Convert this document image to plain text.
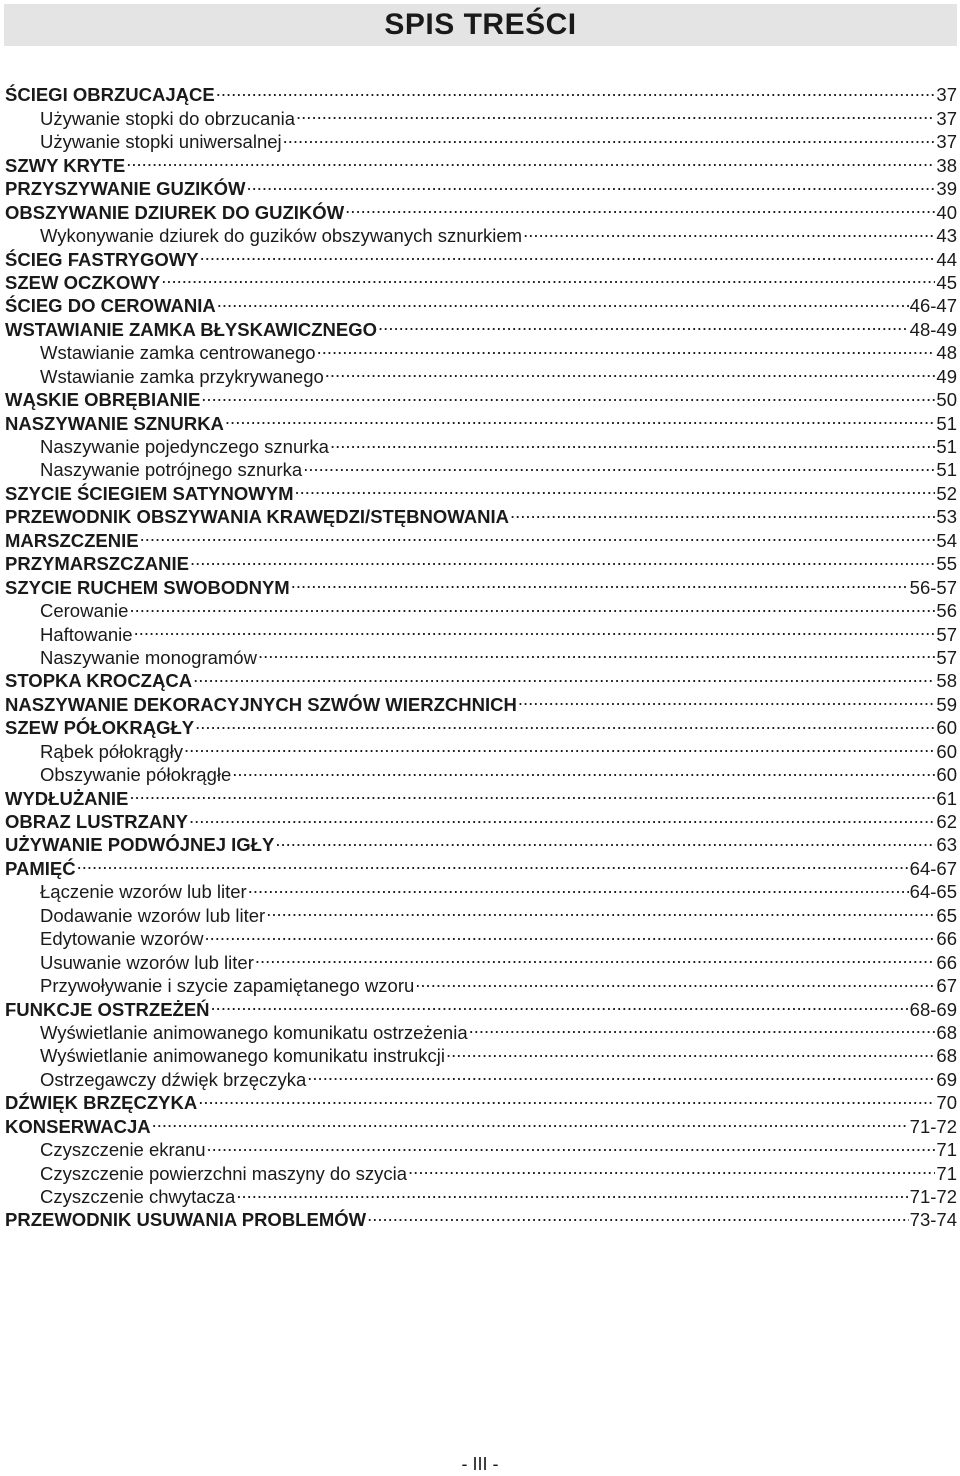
SPIS TREŚCI
ŚCIEGI OBRZUCAJĄCE .....	37
Używanie stopki do obrzucania .....	37
Używanie stopki uniwersalnej .....	37
SZWY KRYTE .....	38
PRZYSZYWANIE GUZIKÓW .....	39
OBSZYWANIE DZIUREK DO GUZIKÓW .....	40
Wykonywanie dziurek do guzików obszywanych sznurkiem .....	43
ŚCIEG FASTRYGOWY .....	44
SZEW OCZKOWY .....	45
ŚCIEG DO CEROWANIA .....	46-47
WSTAWIANIE ZAMKA BŁYSKAWICZNEGO .....	48-49
Wstawianie zamka centrowanego .....	48
Wstawianie zamka przykrywanego .....	49
WĄSKIE OBRĘBIANIE .....	50
NASZYWANIE SZNURKA .....	51
Naszywanie pojedynczego sznurka .....	51
Naszywanie potrójnego sznurka .....	51
SZYCIE ŚCIEGIEM SATYNOWYM .....	52
PRZEWODNIK OBSZYWANIA KRAWĘDZI/STĘBNOWANIA .....	53
MARSZCZENIE .....	54
PRZYMARSZCZANIE .....	55
SZYCIE RUCHEM SWOBODNYM .....	56-57
Cerowanie .....	56
Haftowanie .....	57
Naszywanie monogramów .....	57
STOPKA KROCZĄCA .....	58
NASZYWANIE DEKORACYJNYCH SZWÓW WIERZCHNICH .....	59
SZEW PÓŁOKRĄGŁY .....	60
Rąbek półokrągły .....	60
Obszywanie półokrągłe .....	60
WYDŁUŻANIE .....	61
OBRAZ LUSTRZANY .....	62
UŻYWANIE PODWÓJNEJ IGŁY .....	63
PAMIĘĆ .....	64-67
Łączenie wzorów lub liter .....	64-65
Dodawanie wzorów lub liter .....	65
Edytowanie wzorów .....	66
Usuwanie wzorów lub liter .....	66
Przywoływanie i szycie zapamiętanego wzoru .....	67
FUNKCJE OSTRZEŻEŃ .....	68-69
Wyświetlanie animowanego komunikatu ostrzeżenia .....	68
Wyświetlanie animowanego komunikatu instrukcji .....	68
Ostrzegawczy dźwięk brzęczyka .....	69
DŹWIĘK BRZĘCZYKA .....	70
KONSERWACJA .....	71-72
Czyszczenie ekranu .....	71
Czyszczenie powierzchni maszyny do szycia .....	71
Czyszczenie chwytacza .....	71-72
PRZEWODNIK USUWANIA PROBLEMÓW .....	73-74
- III -
